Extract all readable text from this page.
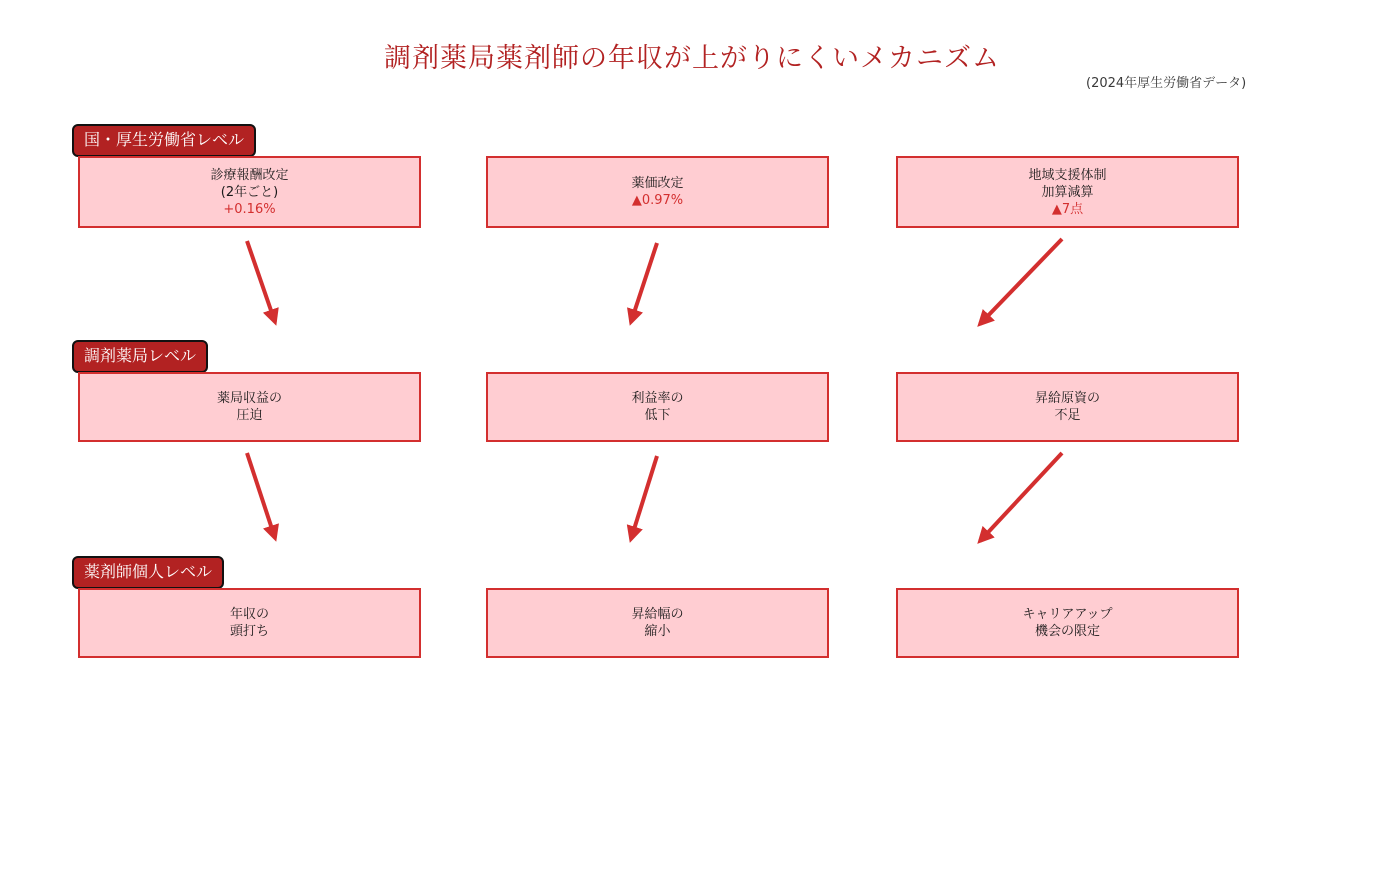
調剤薬局薬剤師の年収が上がりにくいメカニズム
(2024年厚生労働省データ)
国・厚生労働省レベル
調剤薬局レベル
薬剤師個人レベル
診療報酬改定
(2年ごと)
+0.16%
薬価改定
▲0.97%
地域支援体制
加算減算
▲7点
薬局収益の
圧迫
利益率の
低下
昇給原資の
不足
年収の
頭打ち
昇給幅の
縮小
キャリアアップ
機会の限定
